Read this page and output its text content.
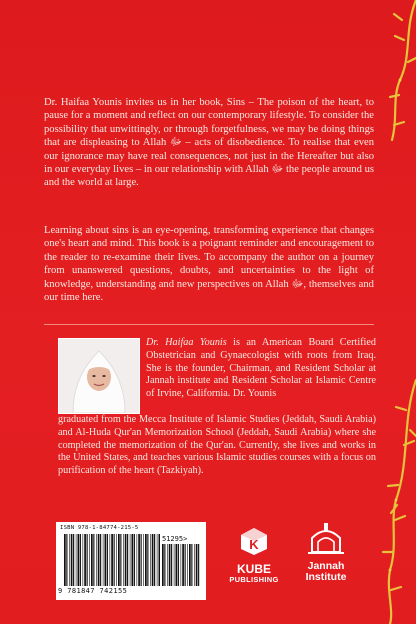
Dr. Haifaa Younis invites us in her book, Sins – The poison of the heart, to pause for a moment and reflect on our contemporary lifestyle. To consider the possibility that unwittingly, or through forgetfulness, we may be doing things that are displeasing to Allah ﷻ – acts of disobedience. To realise that even our ignorance may have real consequences, not just in the Hereafter but also in our everyday lives – in our relationship with Allah ﷻ the people around us and the world at large.

Learning about sins is an eye-opening, transforming experience that changes one's heart and mind. This book is a poignant reminder and encouragement to the reader to re-examine their lives. To accompany the author on a journey from unanswered questions, doubts, and uncertainties to the light of knowledge, understanding and new perspectives on Allah ﷻ, themselves and our time here.

Dr. Haifaa Younis is an American Board Certified Obstetrician and Gynaecologist with roots from Iraq. She is the founder, Chairman, and Resident Scholar at Jannah institute and Resident Scholar at Islamic Centre of Irvine, California. Dr. Younis

graduated from the Mecca Institute of Islamic Studies (Jeddah, Saudi Arabia) and Al-Huda Qur'an Memorization School (Jeddah, Saudi Arabia) where she completed the memorization of the Qur'an. Currently, she lives and works in the United States, and teaches various Islamic studies courses with a focus on purification of the heart (Tazkiyah).

ISBN 978-1-84774-215-5
51295>
9 781847 742155
K
KUBE
PUBLISHING
Jannah
Institute
